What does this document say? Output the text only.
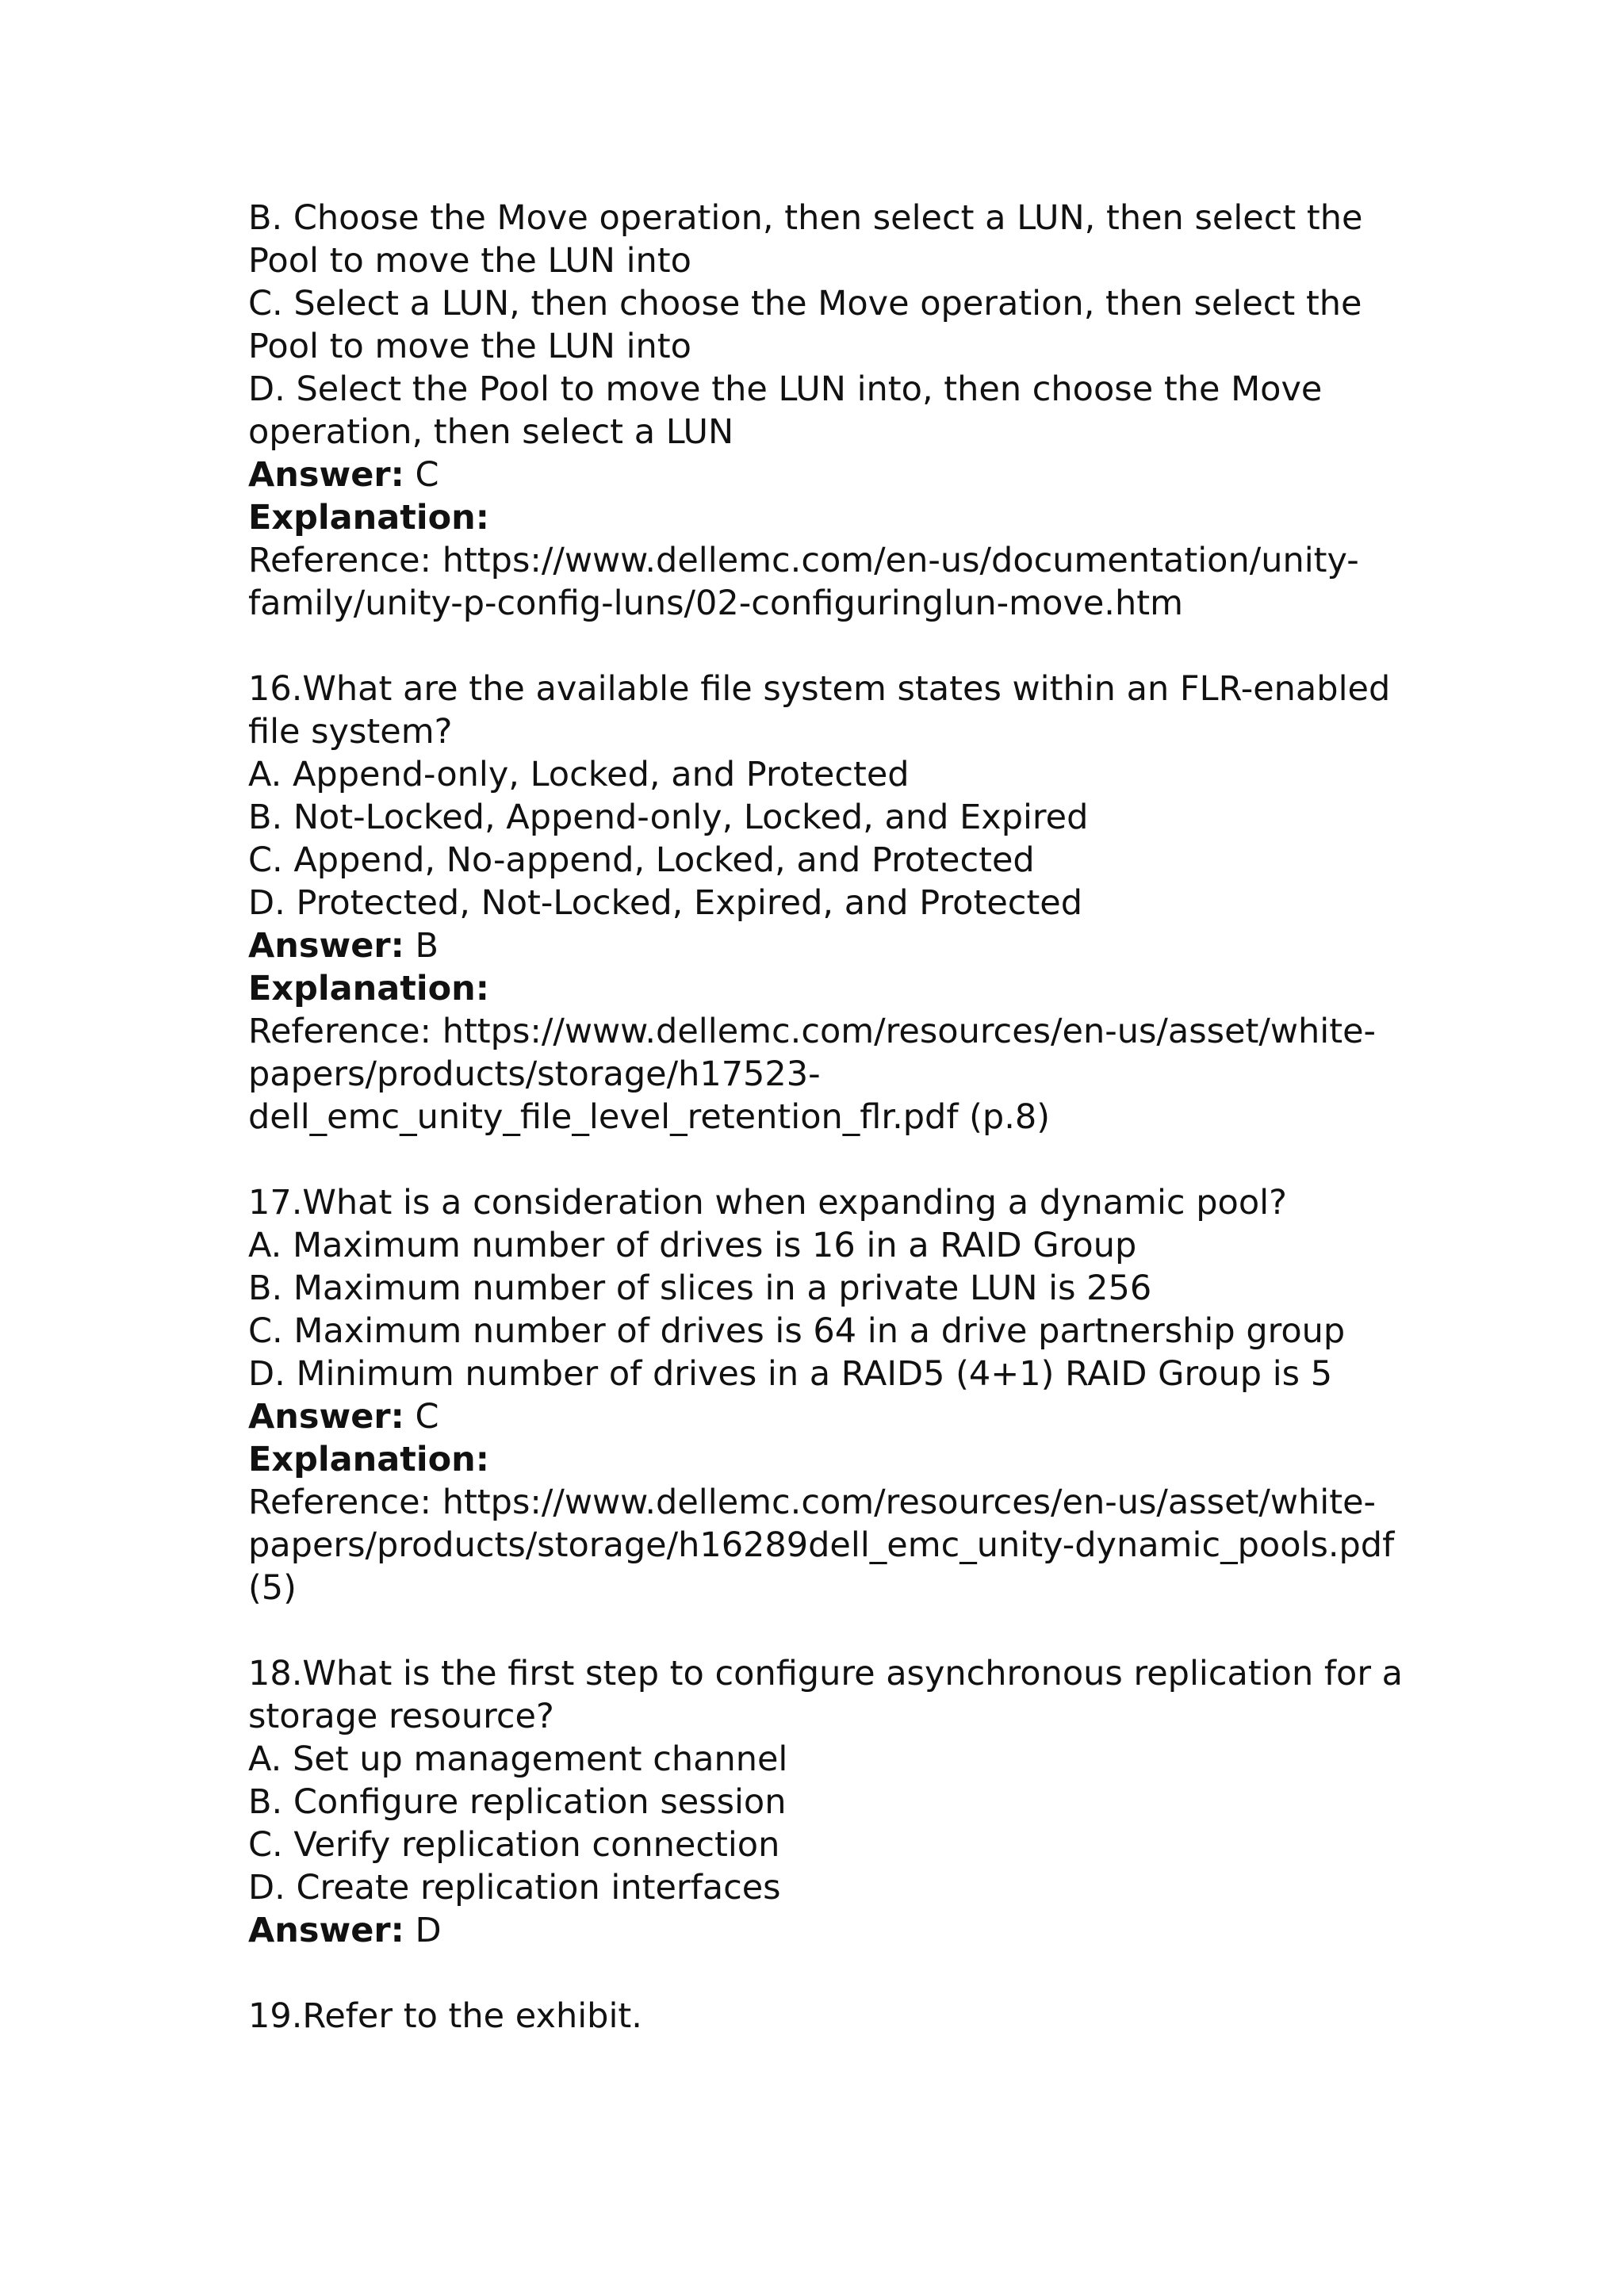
B. Choose the Move operation, then select a LUN, then select the
Pool to move the LUN into
C. Select a LUN, then choose the Move operation, then select the
Pool to move the LUN into
D. Select the Pool to move the LUN into, then choose the Move
operation, then select a LUN
Answer: C
Explanation:
Reference: https://www.dellemc.com/en-us/documentation/unity-
family/unity-p-config-luns/02-configuringlun-move.htm
16.What are the available file system states within an FLR-enabled
file system?
A. Append-only, Locked, and Protected
B. Not-Locked, Append-only, Locked, and Expired
C. Append, No-append, Locked, and Protected
D. Protected, Not-Locked, Expired, and Protected
Answer: B
Explanation:
Reference: https://www.dellemc.com/resources/en-us/asset/white-
papers/products/storage/h17523-
dell_emc_unity_file_level_retention_flr.pdf (p.8)
17.What is a consideration when expanding a dynamic pool?
A. Maximum number of drives is 16 in a RAID Group
B. Maximum number of slices in a private LUN is 256
C. Maximum number of drives is 64 in a drive partnership group
D. Minimum number of drives in a RAID5 (4+1) RAID Group is 5
Answer: C
Explanation:
Reference: https://www.dellemc.com/resources/en-us/asset/white-
papers/products/storage/h16289dell_emc_unity-dynamic_pools.pdf
(5)
18.What is the first step to configure asynchronous replication for a
storage resource?
A. Set up management channel
B. Configure replication session
C. Verify replication connection
D. Create replication interfaces
Answer: D
19.Refer to the exhibit.
